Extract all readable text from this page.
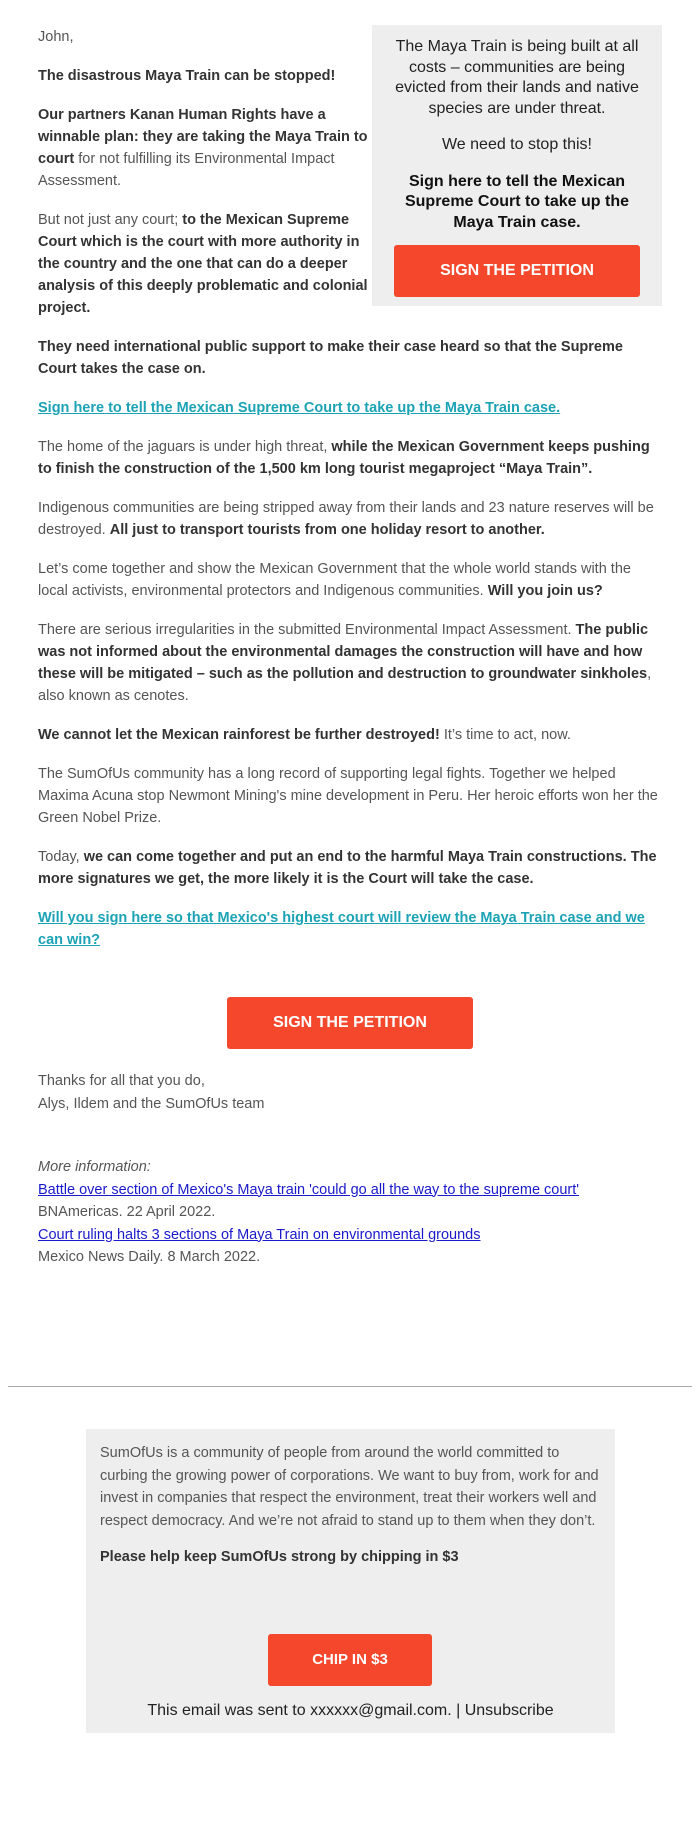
John,

The disastrous Maya Train can be stopped!

Our partners Kanan Human Rights have a winnable plan: they are taking the Maya Train to court for not fulfilling its Environmental Impact Assessment.

But not just any court; to the Mexican Supreme Court which is the court with more authority in the country and the one that can do a deeper analysis of this deeply problematic and colonial project.

They need international public support to make their case heard so that the Supreme Court takes the case on.

Sign here to tell the Mexican Supreme Court to take up the Maya Train case.

The home of the jaguars is under high threat, while the Mexican Government keeps pushing to finish the construction of the 1,500 km long tourist megaproject “Maya Train”.

Indigenous communities are being stripped away from their lands and 23 nature reserves will be destroyed. All just to transport tourists from one holiday resort to another.

Let’s come together and show the Mexican Government that the whole world stands with the local activists, environmental protectors and Indigenous communities. Will you join us?

There are serious irregularities in the submitted Environmental Impact Assessment. The public was not informed about the environmental damages the construction will have and how these will be mitigated – such as the pollution and destruction to groundwater sinkholes, also known as cenotes.

We cannot let the Mexican rainforest be further destroyed! It’s time to act, now.

The SumOfUs community has a long record of supporting legal fights. Together we helped Maxima Acuna stop Newmont Mining's mine development in Peru. Her heroic efforts won her the Green Nobel Prize.

Today, we can come together and put an end to the harmful Maya Train constructions. The more signatures we get, the more likely it is the Court will take the case.

Will you sign here so that Mexico's highest court will review the Maya Train case and we can win?

The Maya Train is being built at all costs – communities are being evicted from their lands and native species are under threat.

We need to stop this!

Sign here to tell the Mexican Supreme Court to take up the Maya Train case.

SIGN THE PETITION
SIGN THE PETITION
Thanks for all that you do,
Alys, Ildem and the SumOfUs team
More information:
Battle over section of Mexico's Maya train 'could go all the way to the supreme court'
BNAmericas. 22 April 2022.
Court ruling halts 3 sections of Maya Train on environmental grounds
Mexico News Daily. 8 March 2022.

SumOfUs is a community of people from around the world committed to curbing the growing power of corporations. We want to buy from, work for and invest in companies that respect the environment, treat their workers well and respect democracy. And we’re not afraid to stand up to them when they don’t.

Please help keep SumOfUs strong by chipping in $3

CHIP IN $3
This email was sent to xxxxxx@gmail.com. | Unsubscribe
